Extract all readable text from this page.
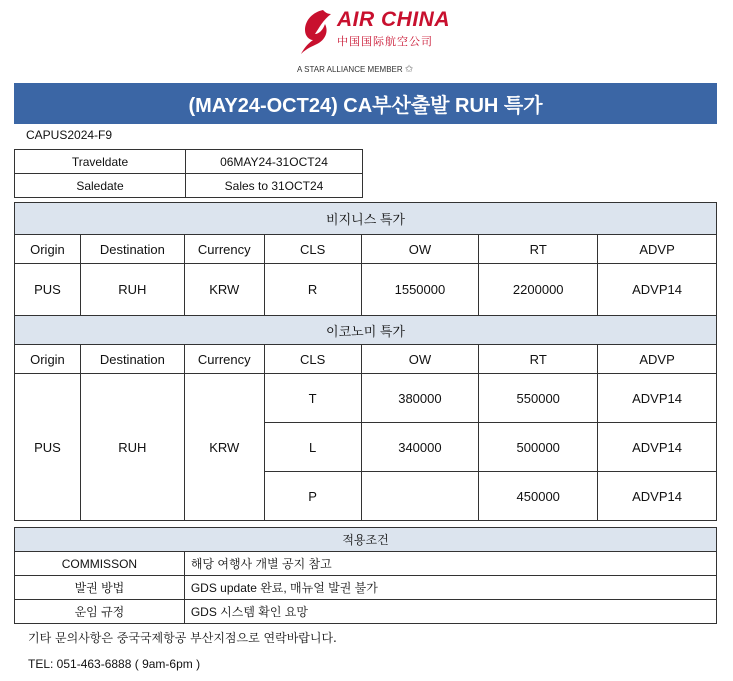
AIR CHINA
中国国际航空公司
A STAR ALLIANCE MEMBER ✩
(MAY24-OCT24) CA부산출발 RUH 특가
CAPUS2024-F9
Traveldate	06MAY24-31OCT24
Saledate	Sales to 31OCT24
비지니스 특가						
Origin	Destination	Currency	CLS	OW	RT	ADVP
PUS	RUH	KRW	R	1550000	2200000	ADVP14
이코노미 특가						
Origin	Destination	Currency	CLS	OW	RT	ADVP
PUS	RUH	KRW	T	380000	550000	ADVP14
			L	340000	500000	ADVP14
			P		450000	ADVP14
적용조건	
COMMISSON	해당 여행사 개별 공지 참고
발권 방법	GDS update 완료, 매뉴얼 발권 불가
운임 규정	GDS 시스템 확인 요망
기타 문의사항은 중국국제항공 부산지점으로 연락바랍니다.
TEL: 051-463-6888 ( 9am-6pm )
